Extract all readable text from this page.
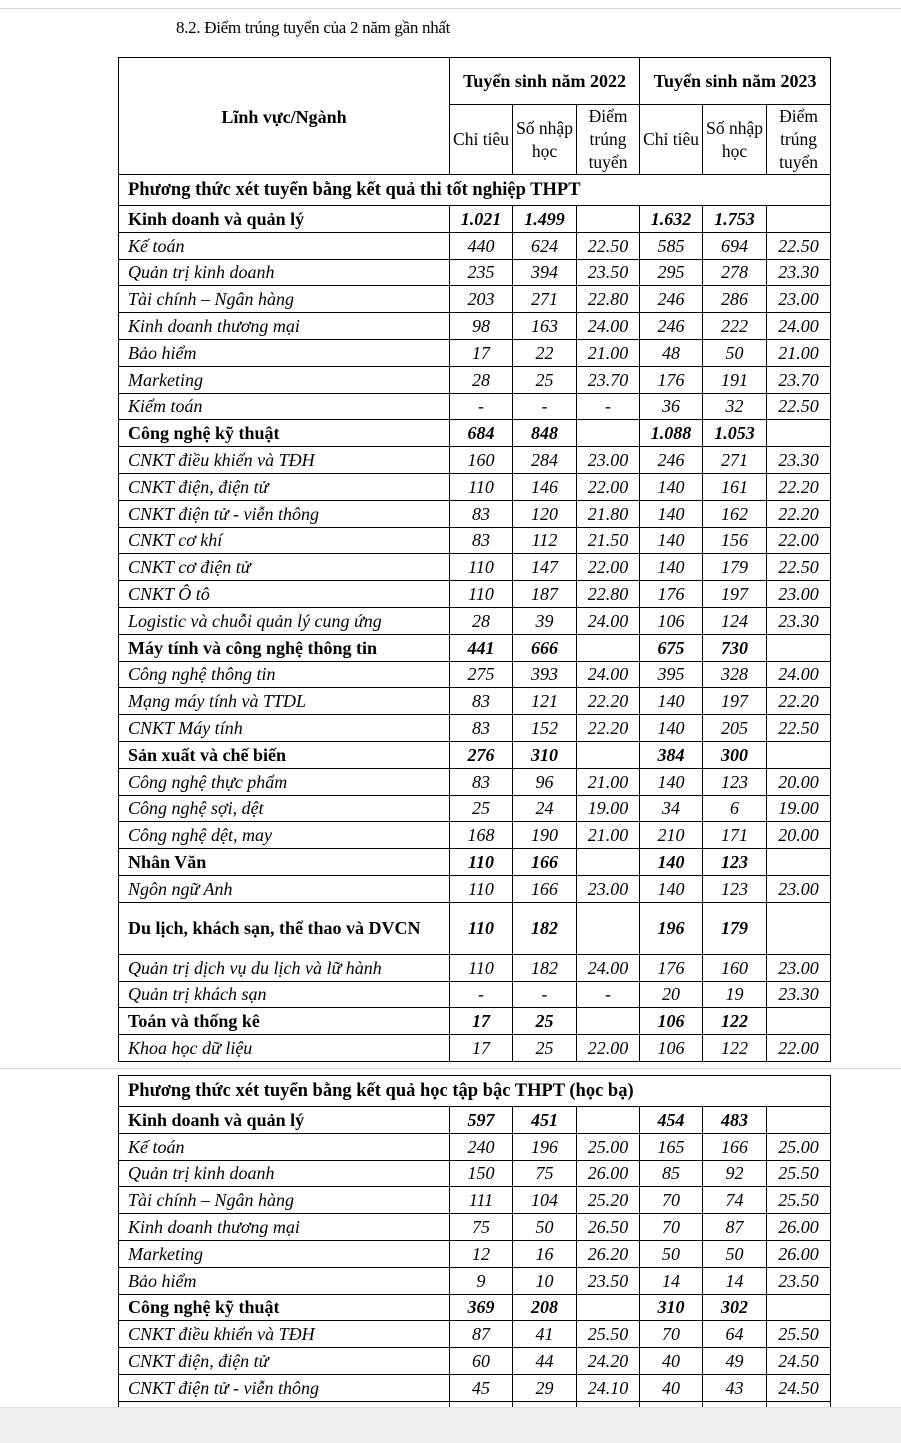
8.2. Điểm trúng tuyển của 2 năm gần nhất
Lĩnh vực/Ngành	Tuyển sinh năm 2022			Tuyển sinh năm 2023		
	Chỉ tiêu	Số nhập học	Điểm trúng tuyển	Chỉ tiêu	Số nhập học	Điểm trúng tuyển
Phương thức xét tuyển bằng kết quả thi tốt nghiệp THPT						
Kinh doanh và quản lý	1.021	1.499		1.632	1.753	
Kế toán	440	624	22.50	585	694	22.50
Quản trị kinh doanh	235	394	23.50	295	278	23.30
Tài chính – Ngân hàng	203	271	22.80	246	286	23.00
Kinh doanh thương mại	98	163	24.00	246	222	24.00
Bảo hiểm	17	22	21.00	48	50	21.00
Marketing	28	25	23.70	176	191	23.70
Kiểm toán	-	-	-	36	32	22.50
Công nghệ kỹ thuật	684	848		1.088	1.053	
CNKT điều khiển và TĐH	160	284	23.00	246	271	23.30
CNKT điện, điện tử	110	146	22.00	140	161	22.20
CNKT điện tử - viễn thông	83	120	21.80	140	162	22.20
CNKT cơ khí	83	112	21.50	140	156	22.00
CNKT cơ điện tử	110	147	22.00	140	179	22.50
CNKT Ô tô	110	187	22.80	176	197	23.00
Logistic và chuỗi quản lý cung ứng	28	39	24.00	106	124	23.30
Máy tính và công nghệ thông tin	441	666		675	730	
Công nghệ thông tin	275	393	24.00	395	328	24.00
Mạng máy tính và TTDL	83	121	22.20	140	197	22.20
CNKT Máy tính	83	152	22.20	140	205	22.50
Sản xuất và chế biến	276	310		384	300	
Công nghệ thực phẩm	83	96	21.00	140	123	20.00
Công nghệ sợi, dệt	25	24	19.00	34	6	19.00
Công nghệ dệt, may	168	190	21.00	210	171	20.00
Nhân Văn	110	166		140	123	
Ngôn ngữ Anh	110	166	23.00	140	123	23.00
Du lịch, khách sạn, thể thao và DVCN	110	182		196	179	
Quản trị dịch vụ du lịch và lữ hành	110	182	24.00	176	160	23.00
Quản trị khách sạn	-	-	-	20	19	23.30
Toán và thống kê	17	25		106	122	
Khoa học dữ liệu	17	25	22.00	106	122	22.00
Phương thức xét tuyển bằng kết quả học tập bậc THPT (học bạ)						
Kinh doanh và quản lý	597	451		454	483	
Kế toán	240	196	25.00	165	166	25.00
Quản trị kinh doanh	150	75	26.00	85	92	25.50
Tài chính – Ngân hàng	111	104	25.20	70	74	25.50
Kinh doanh thương mại	75	50	26.50	70	87	26.00
Marketing	12	16	26.20	50	50	26.00
Bảo hiểm	9	10	23.50	14	14	23.50
Công nghệ kỹ thuật	369	208		310	302	
CNKT điều khiển và TĐH	87	41	25.50	70	64	25.50
CNKT điện, điện tử	60	44	24.20	40	49	24.50
CNKT điện tử - viễn thông	45	29	24.10	40	43	24.50
